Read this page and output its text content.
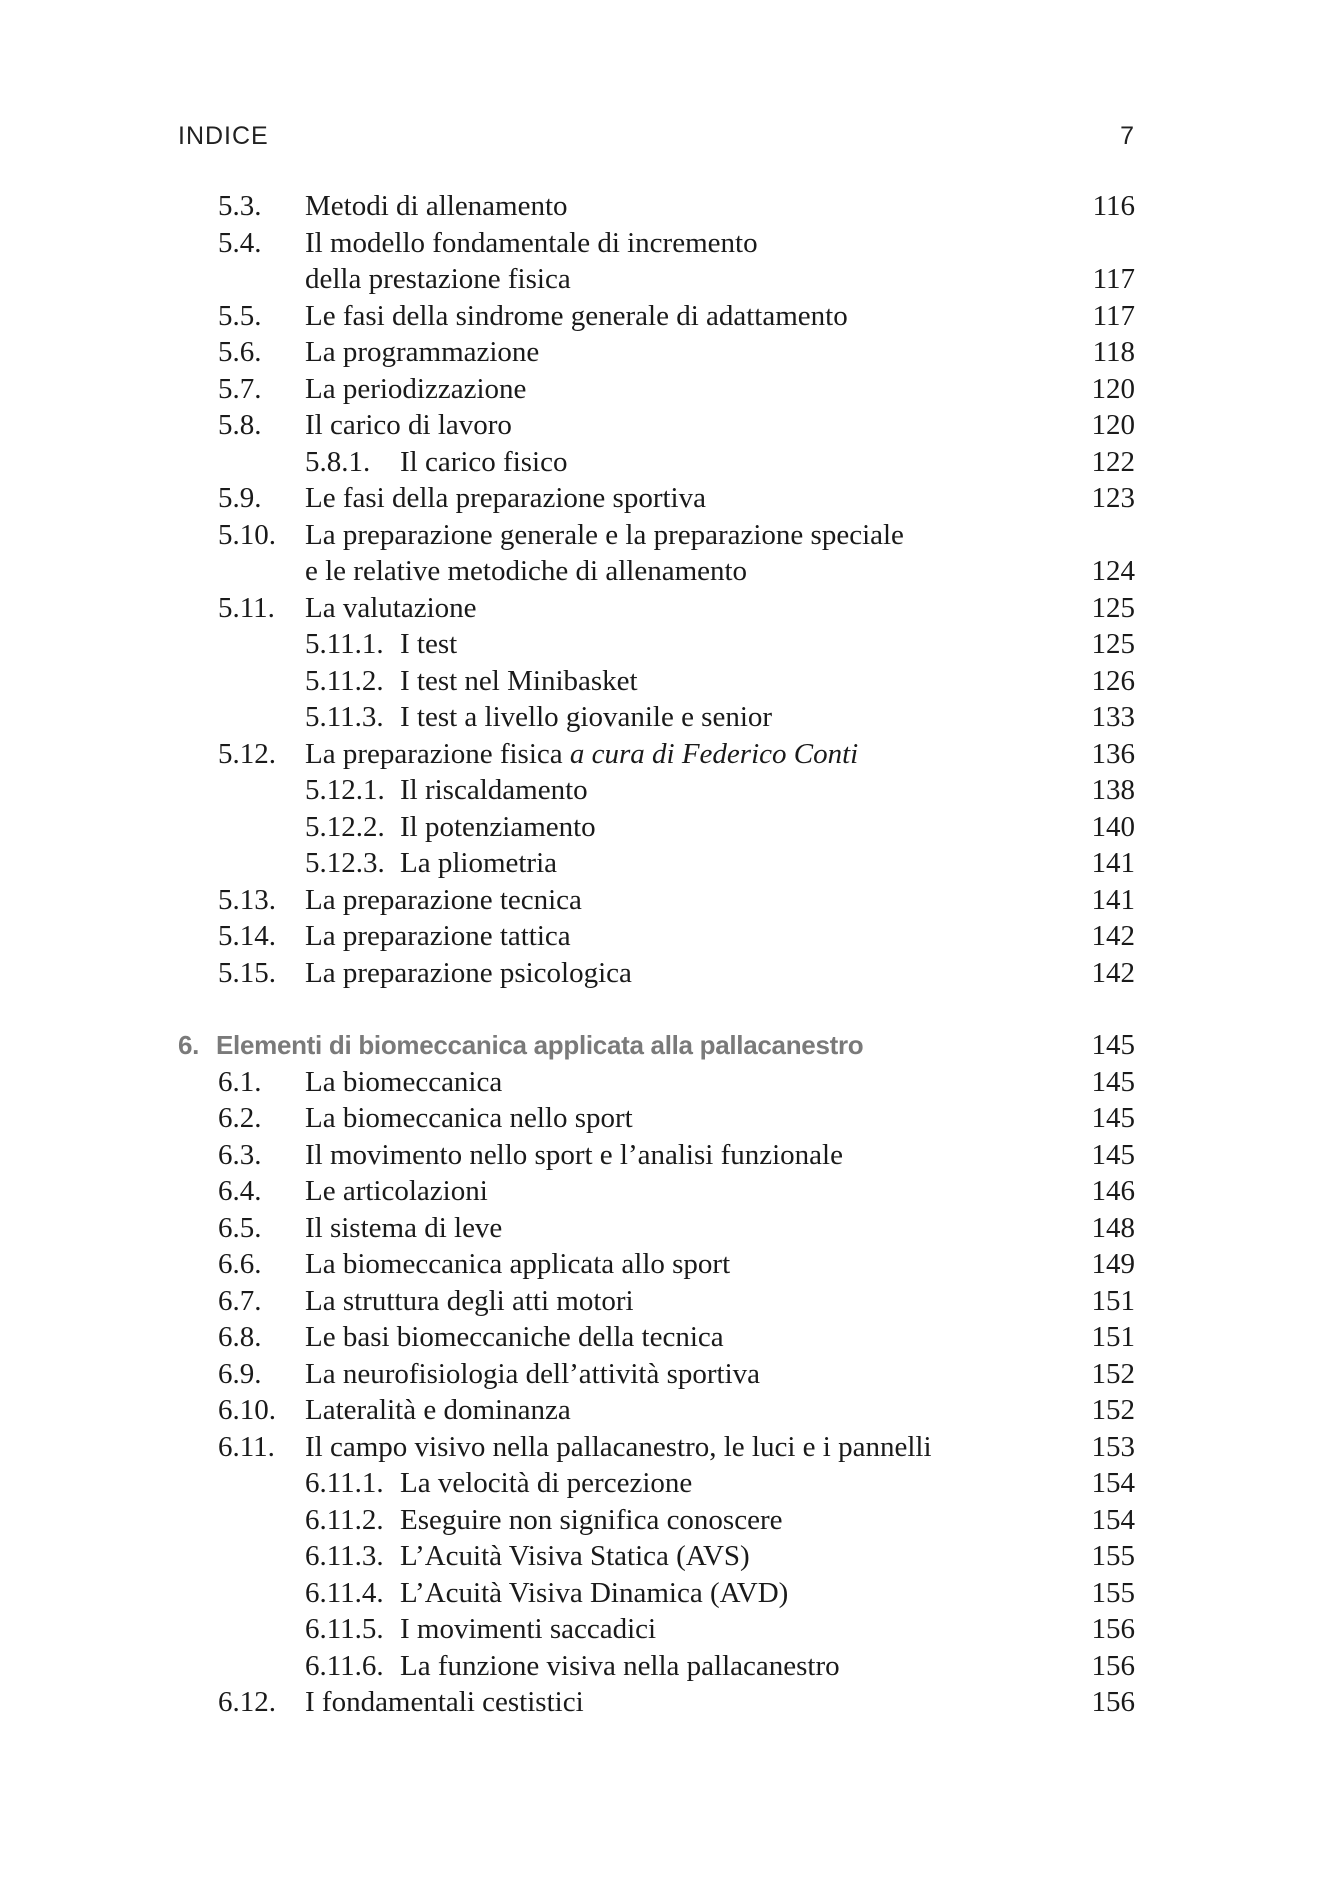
INDICE	7
5.3. Metodi di allenamento	116
5.4. Il modello fondamentale di incremento
della prestazione fisica	117
5.5. Le fasi della sindrome generale di adattamento	117
5.6. La programmazione	118
5.7. La periodizzazione	120
5.8. Il carico di lavoro	120
5.8.1. Il carico fisico	122
5.9. Le fasi della preparazione sportiva	123
5.10. La preparazione generale e la preparazione speciale
e le relative metodiche di allenamento	124
5.11. La valutazione	125
5.11.1. I test	125
5.11.2. I test nel Minibasket	126
5.11.3. I test a livello giovanile e senior	133
5.12. La preparazione fisica a cura di Federico Conti	136
5.12.1. Il riscaldamento	138
5.12.2. Il potenziamento	140
5.12.3. La pliometria	141
5.13. La preparazione tecnica	141
5.14. La preparazione tattica	142
5.15. La preparazione psicologica	142
6. Elementi di biomeccanica applicata alla pallacanestro	145
6.1. La biomeccanica	145
6.2. La biomeccanica nello sport	145
6.3. Il movimento nello sport e l’analisi funzionale	145
6.4. Le articolazioni	146
6.5. Il sistema di leve	148
6.6. La biomeccanica applicata allo sport	149
6.7. La struttura degli atti motori	151
6.8. Le basi biomeccaniche della tecnica	151
6.9. La neurofisiologia dell’attività sportiva	152
6.10. Lateralità e dominanza	152
6.11. Il campo visivo nella pallacanestro, le luci e i pannelli	153
6.11.1. La velocità di percezione	154
6.11.2. Eseguire non significa conoscere	154
6.11.3. L’Acuità Visiva Statica (AVS)	155
6.11.4. L’Acuità Visiva Dinamica (AVD)	155
6.11.5. I movimenti saccadici	156
6.11.6. La funzione visiva nella pallacanestro	156
6.12. I fondamentali cestistici	156
